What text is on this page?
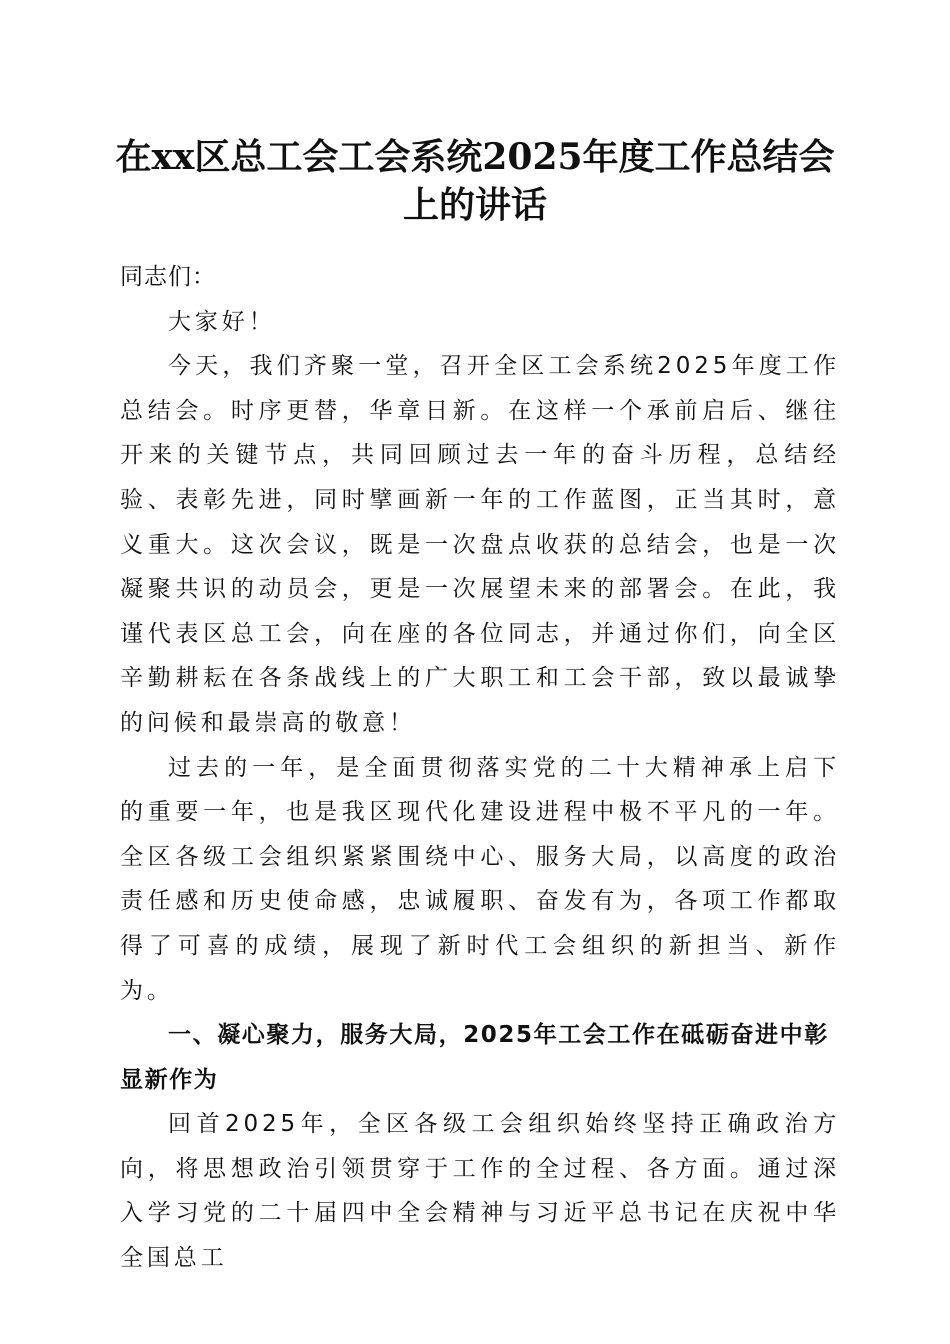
在xx区总工会工会系统2025年度工作总结会
上的讲话

同志们：

大家好！

今天，我们齐聚一堂，召开全区工会系统2025年度工作总结会。时序更替，华章日新。在这样一个承前启后、继往开来的关键节点，共同回顾过去一年的奋斗历程，总结经验、表彰先进，同时擘画新一年的工作蓝图，正当其时，意义重大。这次会议，既是一次盘点收获的总结会，也是一次凝聚共识的动员会，更是一次展望未来的部署会。在此，我谨代表区总工会，向在座的各位同志，并通过你们，向全区辛勤耕耘在各条战线上的广大职工和工会干部，致以最诚挚的问候和最崇高的敬意！

过去的一年，是全面贯彻落实党的二十大精神承上启下的重要一年，也是我区现代化建设进程中极不平凡的一年。全区各级工会组织紧紧围绕中心、服务大局，以高度的政治责任感和历史使命感，忠诚履职、奋发有为，各项工作都取得了可喜的成绩，展现了新时代工会组织的新担当、新作为。

一、凝心聚力，服务大局，2025年工会工作在砥砺奋进中彰显新作为

回首2025年，全区各级工会组织始终坚持正确政治方向，将思想政治引领贯穿于工作的全过程、各方面。通过深入学习党的二十届四中全会精神与习近平总书记在庆祝中华全国总工
